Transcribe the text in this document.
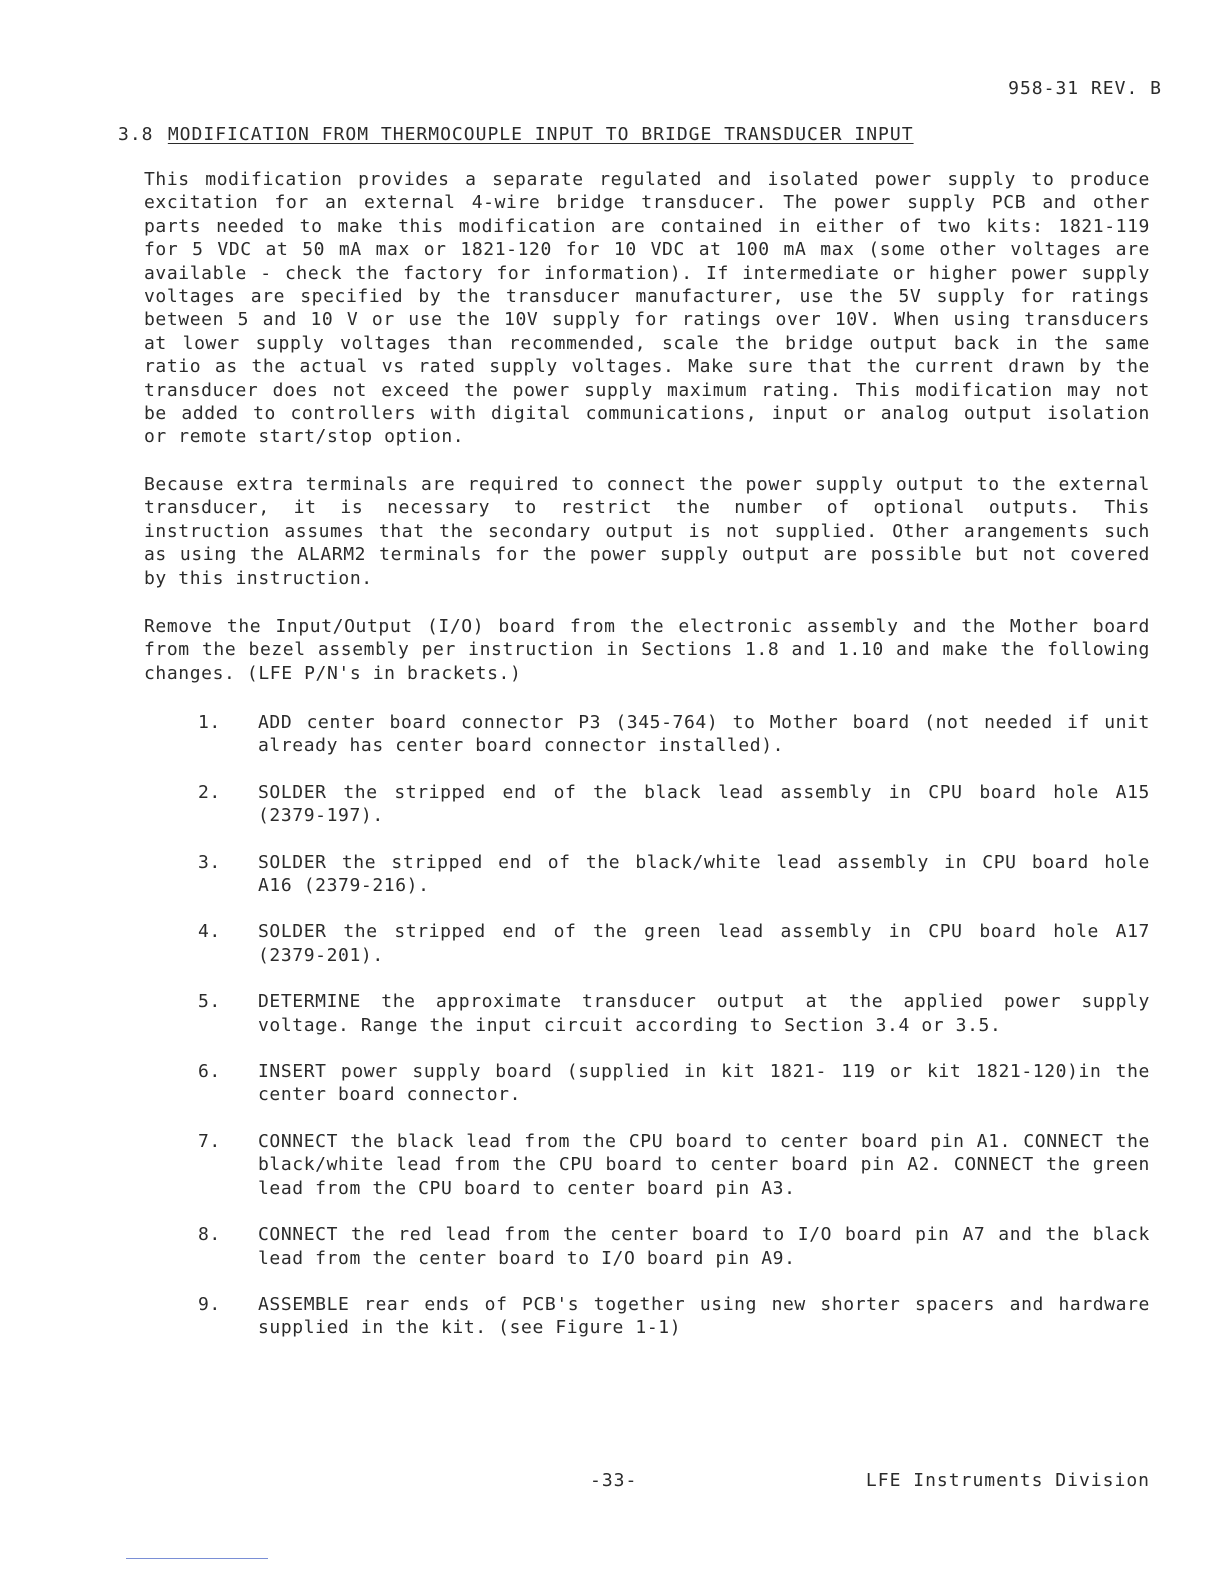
958-31 REV. B
3.8 MODIFICATION FROM THERMOCOUPLE INPUT TO BRIDGE TRANSDUCER INPUT

This modification provides a separate regulated and isolated power supply to produce excitation for an external 4-wire bridge transducer. The power supply PCB and other parts needed to make this modification are contained in either of two kits: 1821-119 for 5 VDC at 50 mA max or 1821-120 for 10 VDC at 100 mA max (some other voltages are available - check the factory for information). If intermediate or higher power supply voltages are specified by the transducer manufacturer, use the 5V supply for ratings between 5 and 10 V or use the 10V supply for ratings over 10V. When using transducers at lower supply voltages than recommended, scale the bridge output back in the same ratio as the actual vs rated supply voltages. Make sure that the current drawn by the transducer does not exceed the power supply maximum rating. This modification may not be added to controllers with digital communications, input or analog output isolation or remote start/stop option.

Because extra terminals are required to connect the power supply output to the external transducer, it is necessary to restrict the number of optional outputs. This instruction assumes that the secondary output is not supplied. Other arangements such as using the ALARM2 terminals for the power supply output are possible but not covered by this instruction.

Remove the Input/Output (I/O) board from the electronic assembly and the Mother board from the bezel assembly per instruction in Sections 1.8 and 1.10 and make the following changes. (LFE P/N's in brackets.)

1.	ADD center board connector P3 (345-764) to Mother board (not needed if unit already has center board connector installed).
2.	SOLDER the stripped end of the black lead assembly in CPU board hole A15 (2379-197).
3.	SOLDER the stripped end of the black/white lead assembly in CPU board hole A16 (2379-216).
4.	SOLDER the stripped end of the green lead assembly in CPU board hole A17 (2379-201).
5.	DETERMINE the approximate transducer output at the applied power supply voltage. Range the input circuit according to Section 3.4 or 3.5.
6.	INSERT power supply board (supplied in kit 1821- 119 or kit 1821-120)in the center board connector.
7.	CONNECT the black lead from the CPU board to center board pin A1. CONNECT the black/white lead from the CPU board to center board pin A2. CONNECT the green lead from the CPU board to center board pin A3.
8.	CONNECT the red lead from the center board to I/O board pin A7 and the black lead from the center board to I/O board pin A9.
9.	ASSEMBLE rear ends of PCB's together using new shorter spacers and hardware supplied in the kit. (see Figure 1-1)
-33-	LFE Instruments Division
